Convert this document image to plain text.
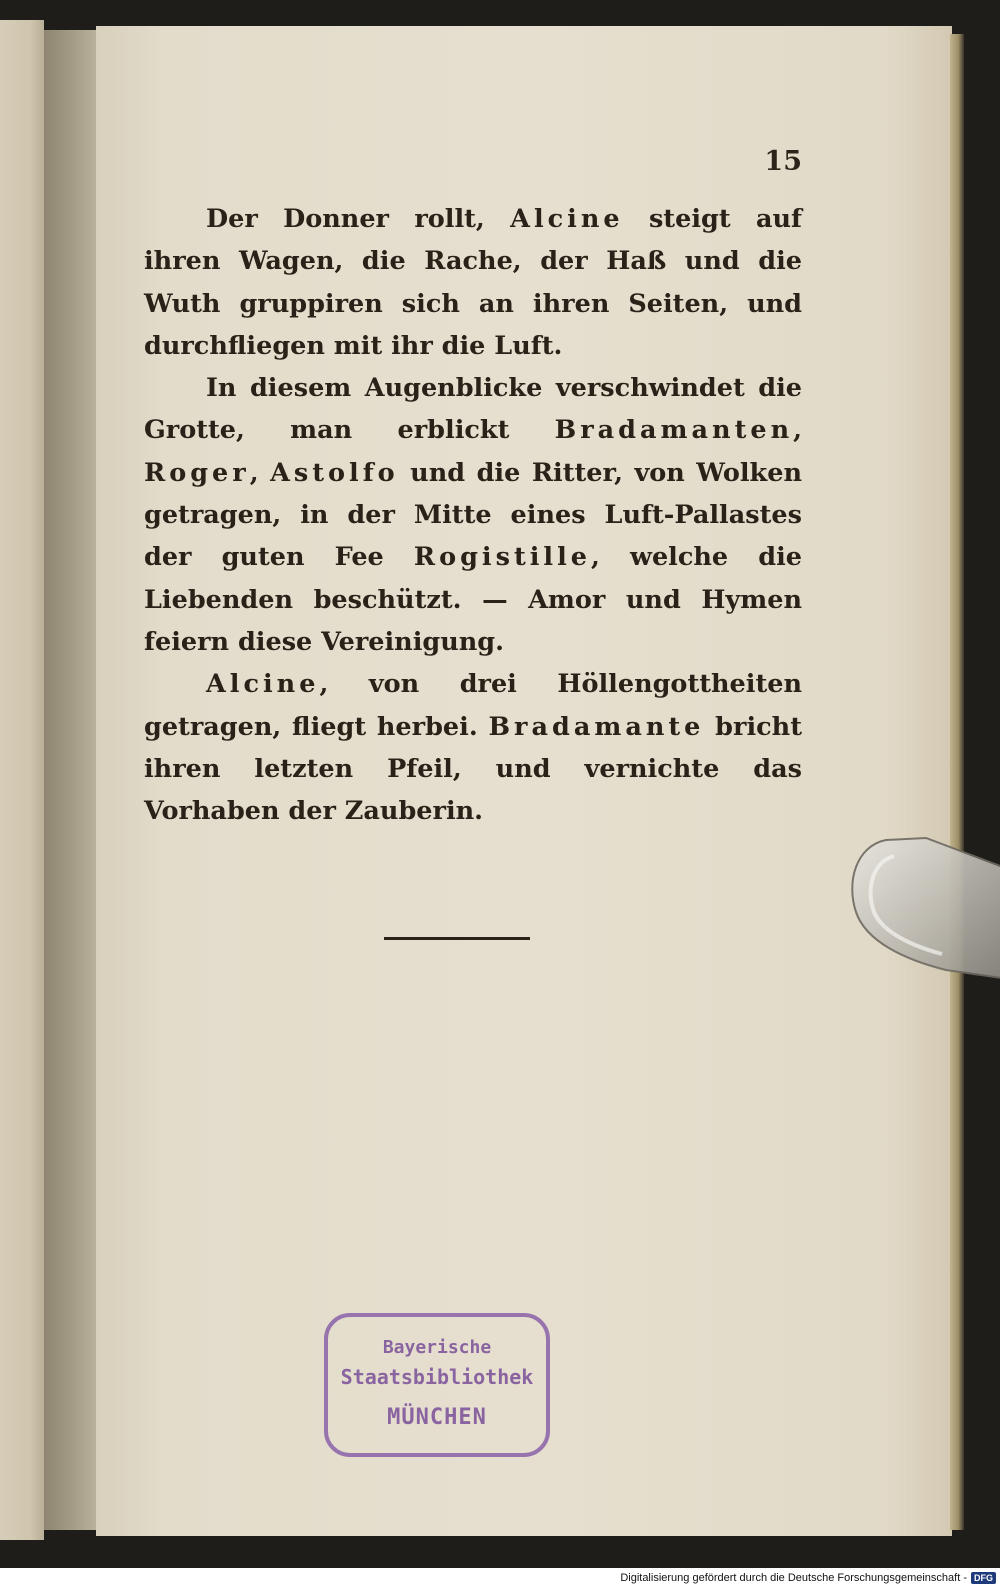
15

Der Donner rollt, Alcine steigt auf ihren Wagen, die Rache, der Haß und die Wuth gruppiren sich an ihren Seiten, und durchfliegen mit ihr die Luft.

In diesem Augenblicke verschwindet die Grotte, man erblickt Bradamanten, Roger, Astolfo und die Ritter, von Wolken getragen, in der Mitte eines Luft-Pallastes der guten Fee Rogistille, welche die Liebenden beschützt. — Amor und Hymen feiern diese Vereinigung.

Alcine, von drei Höllengottheiten getragen, fliegt herbei. Bradamante bricht ihren letzten Pfeil, und vernichte das Vorhaben der Zauberin.

Bayerische
Staatsbibliothek
MÜNCHEN
Digitalisierung gefördert durch die Deutsche Forschungsgemeinschaft - DFG
